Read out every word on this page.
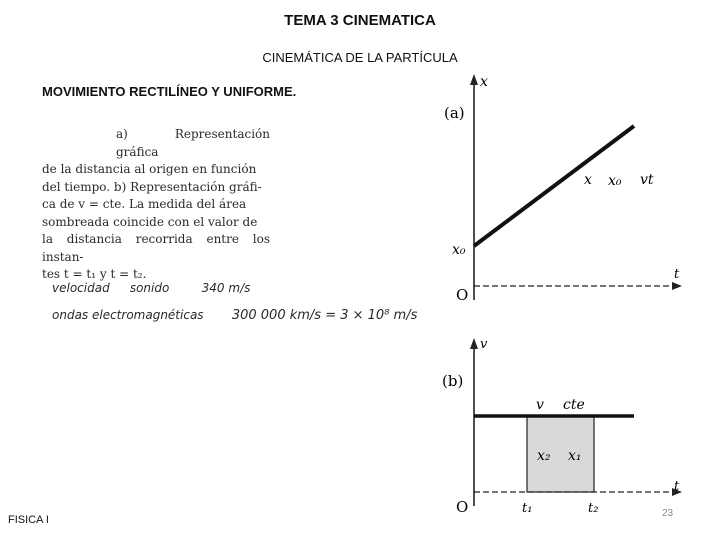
TEMA 3 CINEMATICA
CINEMÁTICA DE LA PARTÍCULA
MOVIMIENTO RECTILÍNEO Y UNIFORME.

a) Representación gráfica

de la distancia al origen en función

del tiempo. b) Representación gráfi-

ca de v = cte. La medida del área

sombreada coincide con el valor de

la distancia recorrida entre los instan-

tes t = t₁ y t = t₂.

velocidad sonido	340 m/s
ondas electromagnéticas 300 000 km/s = 3 × 10⁸ m/s
(a)
x
t
O
x₀
x x₀ vt
(b)
v
t
O
v cte
x₂ x₁
t₁	t₂
FISICA I
23
